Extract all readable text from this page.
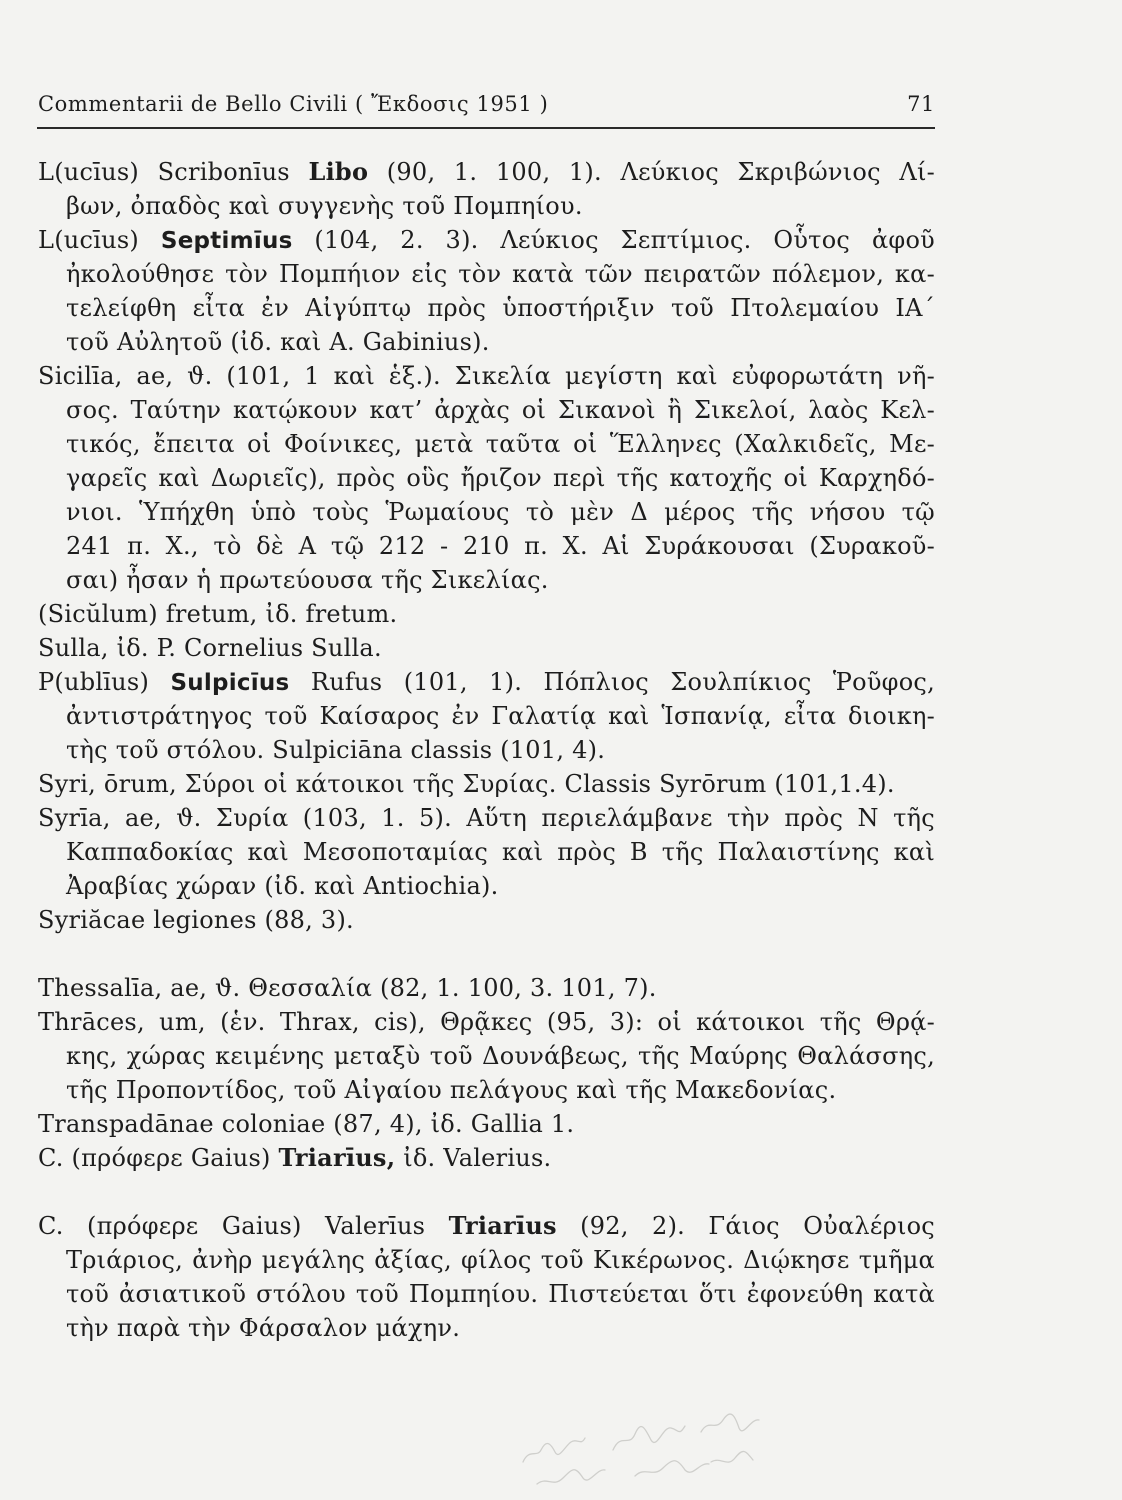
Commentarii de Bello Civili ( Ἔκδοσις 1951 )	71
L(ucīus) Scribonīus Libo (90, 1. 100, 1). Λεύκιος Σκριβώνιος Λί-
βων, ὀπαδὸς καὶ συγγενὴς τοῦ Πομπηίου.
L(ucīus) Septimīus (104, 2. 3). Λεύκιος Σεπτίμιος. Οὗτος ἀφοῦ
ἠκολούθησε τὸν Πομπήιον εἰς τὸν κατὰ τῶν πειρατῶν πόλεμον, κα-
τελείφθη εἶτα ἐν Αἰγύπτῳ πρὸς ὑποστήριξιν τοῦ Πτολεμαίου ΙΑ΄
τοῦ Αὐλητοῦ (ἰδ. καὶ A. Gabinius).
Sicilīa, ae, ϑ. (101, 1 καὶ ἑξ.). Σικελία μεγίστη καὶ εὐφορωτάτη νῆ-
σος. Ταύτην κατῴκουν κατ’ ἀρχὰς οἱ Σικανοὶ ἢ Σικελοί, λαὸς Κελ-
τικός, ἔπειτα οἱ Φοίνικες, μετὰ ταῦτα οἱ Ἕλληνες (Χαλκιδεῖς, Με-
γαρεῖς καὶ Δωριεῖς), πρὸς οὓς ἤριζον περὶ τῆς κατοχῆς οἱ Καρχηδό-
νιοι. Ὑπήχθη ὑπὸ τοὺς Ῥωμαίους τὸ μὲν Δ μέρος τῆς νήσου τῷ
241 π. Χ., τὸ δὲ Α τῷ 212 - 210 π. Χ. Αἱ Συράκουσαι (Συρακοῦ-
σαι) ἦσαν ἡ πρωτεύουσα τῆς Σικελίας.
(Sicŭlum) fretum, ἰδ. fretum.
Sulla, ἰδ. P. Cornelius Sulla.
P(ublīus) Sulpicīus Rufus (101, 1). Πόπλιος Σουλπίκιος Ῥοῦφος,
ἀντιστράτηγος τοῦ Καίσαρος ἐν Γαλατίᾳ καὶ Ἱσπανίᾳ, εἶτα διοικη-
τὴς τοῦ στόλου. Sulpiciāna classis (101, 4).
Syri, ōrum, Σύροι οἱ κάτοικοι τῆς Συρίας. Classis Syrōrum (101,1.4).
Syrīa, ae, ϑ. Συρία (103, 1. 5). Αὕτη περιελάμβανε τὴν πρὸς Ν τῆς
Καππαδοκίας καὶ Μεσοποταμίας καὶ πρὸς Β τῆς Παλαιστίνης καὶ
Ἀραβίας χώραν (ἰδ. καὶ Antiochia).
Syriăcae legiones (88, 3).
Thessalīa, ae, ϑ. Θεσσαλία (82, 1. 100, 3. 101, 7).
Thrāces, um, (ἑν. Thrax, cis), Θρᾷκες (95, 3): οἱ κάτοικοι τῆς Θρᾴ-
κης, χώρας κειμένης μεταξὺ τοῦ Δουνάβεως, τῆς Μαύρης Θαλάσσης,
τῆς Προποντίδος, τοῦ Αἰγαίου πελάγους καὶ τῆς Μακεδονίας.
Transpadānae coloniae (87, 4), ἰδ. Gallia 1.
C. (πρόφερε Gaius) Triarīus, ἰδ. Valerius.
C. (πρόφερε Gaius) Valerīus Triarīus (92, 2). Γάιος Οὐαλέριος
Τριάριος, ἀνὴρ μεγάλης ἀξίας, φίλος τοῦ Κικέρωνος. Διῴκησε τμῆμα
τοῦ ἀσιατικοῦ στόλου τοῦ Πομπηίου. Πιστεύεται ὅτι ἐφονεύθη κατὰ
τὴν παρὰ τὴν Φάρσαλον μάχην.
